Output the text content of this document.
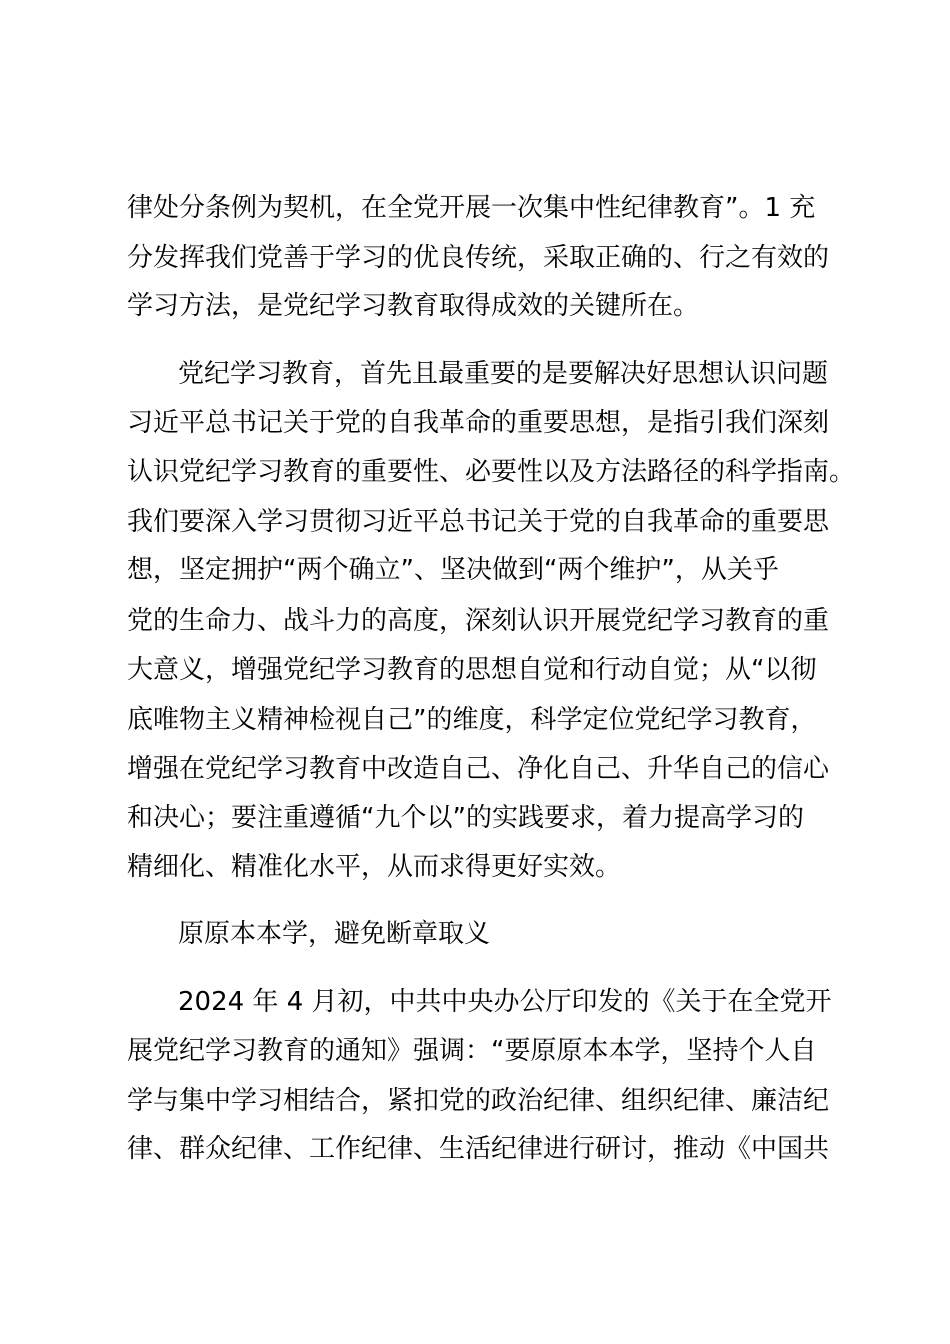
律处分条例为契机，在全党开展一次集中性纪律教育”。1 充
分发挥我们党善于学习的优良传统，采取正确的、行之有效的
学习方法，是党纪学习教育取得成效的关键所在。
党纪学习教育，首先且最重要的是要解决好思想认识问题
习近平总书记关于党的自我革命的重要思想，是指引我们深刻
认识党纪学习教育的重要性、必要性以及方法路径的科学指南。
我们要深入学习贯彻习近平总书记关于党的自我革命的重要思
想，坚定拥护“两个确立”、坚决做到“两个维护”，从关乎
党的生命力、战斗力的高度，深刻认识开展党纪学习教育的重
大意义，增强党纪学习教育的思想自觉和行动自觉；从“以彻
底唯物主义精神检视自己”的维度，科学定位党纪学习教育，
增强在党纪学习教育中改造自己、净化自己、升华自己的信心
和决心；要注重遵循“九个以”的实践要求，着力提高学习的
精细化、精准化水平，从而求得更好实效。
原原本本学，避免断章取义
2024 年 4 月初，中共中央办公厅印发的《关于在全党开
展党纪学习教育的通知》强调：“要原原本本学，坚持个人自
学与集中学习相结合，紧扣党的政治纪律、组织纪律、廉洁纪
律、群众纪律、工作纪律、生活纪律进行研讨，推动《中国共
